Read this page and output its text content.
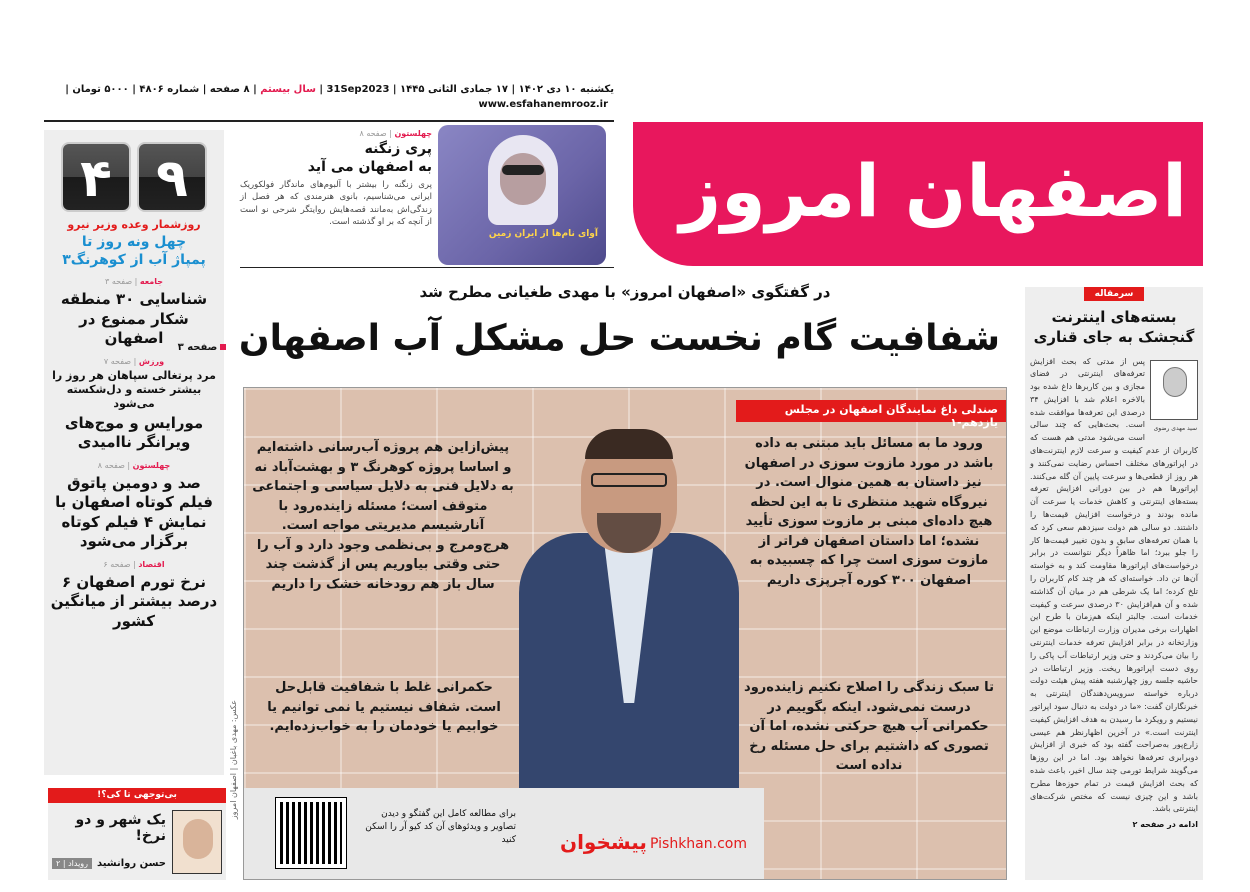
یکشنبه ۱۰ دی ۱۴۰۲ | ۱۷ جمادی الثانی ۱۴۴۵ | 31Sep2023 | سال بیستم | ۸ صفحه | شماره ۴۸۰۶ | ۵۰۰۰ تومان | www.esfahanemrooz.ir
اصفهان امروز
چهلستون | صفحه ۸
پری زنگنه
به اصفهان می آید
پری زنگنه را بیشتر با آلبوم‌های ماندگار فولکوریک ایرانی می‌شناسیم، بانوی هنرمندی که هر فصل از زندگی‌اش به‌مانند قصه‌هایش روایتگر شرحی نو است از آنچه که بر او گذشته است.
آوای نام‌ها از ایران زمین
۹
۴
روزشمار وعده وزیر نیرو
چهل ونه روز تا
پمپاژ آب از کوهرنگ۳
جامعه | صفحه ۳
شناسایی ۳۰ منطقه شکار ممنوع در اصفهان
ورزش | صفحه ۷
مرد پرتغالی سپاهان هر روز را بیشتر خسته و دل‌شکسته می‌شود
مورایس و موج‌های ویرانگر ناامیدی
چهلستون | صفحه ۸
صد و دومین پاتوق فیلم کوتاه اصفهان با نمایش ۴ فیلم کوتاه برگزار می‌شود
اقتصاد | صفحه ۶
نرخ تورم اصفهان ۶ درصد بیشتر از میانگین کشور
بی‌توجهی تا کی؟!
یک شهر و دو نرخ!
حسن روانشید
رویداد | ۲
عکس: مهدی باغبان | اصفهان امروز
در گفتگوی «اصفهان امروز» با مهدی طغیانی مطرح شد
شفافیت گام نخست حل مشکل آب اصفهان صفحه ۳
صندلی داغ نمایندگان اصفهان در مجلس یازدهم-۱
ورود ما به مسائل باید مبتنی به داده باشد در مورد مازوت سوزی در اصفهان نیز داستان به همین منوال است. در نیروگاه شهید منتظری تا به این لحظه هیچ داده‌ای مبنی بر مازوت سوزی تأیید نشده؛ اما داستان اصفهان فراتر از مازوت سوزی است چرا که چسبیده به اصفهان ۳۰۰ کوره آجرپزی داریم
پیش‌ازاین هم پروژه آب‌رسانی داشته‌ایم و اساسا پروژه کوهرنگ ۳ و بهشت‌آباد نه به دلایل فنی به دلایل سیاسی و اجتماعی متوقف است؛ مسئله زاینده‌رود با آنارشیسم مدیریتی مواجه است. هرج‌ومرج و بی‌نظمی وجود دارد و آب را حتی وقتی بیاوریم پس از گذشت چند سال باز هم رودخانه خشک را داریم
تا سبک زندگی را اصلاح نکنیم زاینده‌رود درست نمی‌شود. اینکه بگوییم در حکمرانی آب هیچ حرکتی نشده، اما آن تصوری که داشتیم برای حل مسئله رخ نداده است
حکمرانی غلط با شفافیت قابل‌حل است. شفاف نیستیم یا نمی توانیم یا خوابیم یا خودمان را به خواب‌زده‌ایم.
برای مطالعه کامل این گفتگو و دیدن تصاویر و ویدئوهای آن کد کیو آر را اسکن کنید پیشخوان Pishkhan.com
سرمقاله
بسته‌های اینترنت
گنجشک به جای قناری
سید مهدی رضوی
پس از مدتی که بحث افزایش تعرفه‌های اینترنتی در فضای مجازی و بین کاربرها داغ شده بود بالاخره اعلام شد با افزایش ۳۴ درصدی این تعرفه‌ها موافقت شده است. بحث‌هایی که چند سالی است می‌شود مدتی هم هست که کاربران از عدم کیفیت و سرعت لازم اینترنت‌های در اپراتورهای مختلف احساس رضایت نمی‌کنند و هر روز از قطعی‌ها و سرعت پایین آن گله می‌کنند. اپراتورها هم در بین دورانی افزایش تعرفه بسته‌های اینترنتی و کاهش خدمات یا سرعت آن مانده بودند و درخواست افزایش قیمت‌ها را داشتند. دو سالی هم دولت سیزدهم سعی کرد که با همان تعرفه‌های سابق و بدون تغییر قیمت‌ها کار را جلو ببرد؛ اما ظاهراً دیگر نتوانست در برابر درخواست‌های اپراتورها مقاومت کند و به خواسته آن‌ها تن داد. خواسته‌ای که هر چند کام کاربران را تلخ کرده؛ اما یک شرطی هم در میان آن گذاشته شده و آن هم‌افزایش ۳۰ درصدی سرعت و کیفیت خدمات است. جالبتر اینکه هم‌زمان با طرح این اظهارات برخی مدیران وزارت ارتباطات موضع این وزارتخانه در برابر افزایش تعرفه خدمات اینترنتی را بیان می‌کردند و حتی وزیر ارتباطات آب پاکی را روی دست اپراتورها ریخت. وزیر ارتباطات در حاشیه جلسه روز چهارشنبه هفته پیش هیئت دولت درباره خواسته سرویس‌دهندگان اینترنتی به خبرنگاران گفت: «ما در دولت به دنبال سود اپراتور نیستیم و رویکرد ما رسیدن به هدف افزایش کیفیت اینترنت است.» در آخرین اظهارنظر هم عیسی زارع‌پور به‌صراحت گفته بود که خبری از افزایش دوبرابری تعرفه‌ها نخواهد بود. اما در این روزها می‌گویند شرایط تورمی چند سال اخیر، باعث شده که بحث افزایش قیمت در تمام حوزه‌ها مطرح باشد و این چیزی نیست که مختص شرکت‌های اینترنتی باشد.
ادامه در صفحه ۲
